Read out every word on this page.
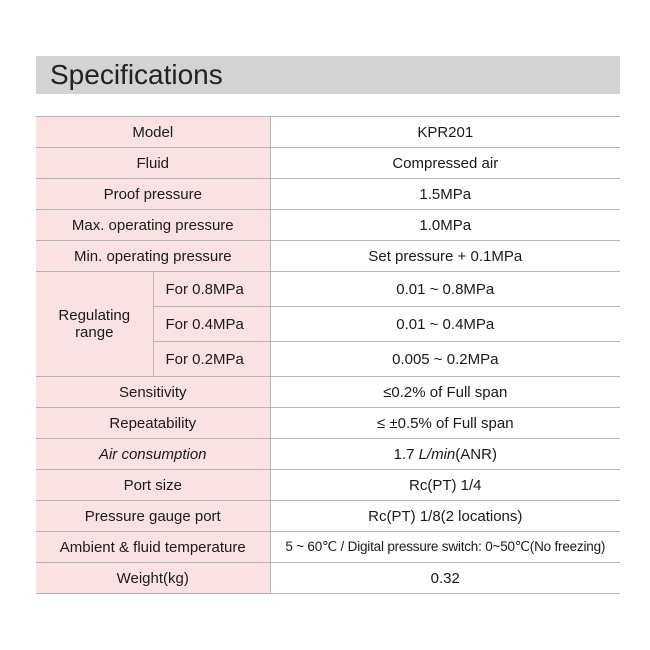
Specifications
Model		KPR201
Fluid		Compressed air
Proof pressure		1.5MPa
Max. operating pressure		1.0MPa
Min. operating pressure		Set pressure + 0.1MPa
Regulating
range	For 0.8MPa	0.01 ~ 0.8MPa
	For 0.4MPa	0.01 ~ 0.4MPa
	For 0.2MPa	0.005 ~ 0.2MPa
Sensitivity		≤0.2% of Full span
Repeatability		≤ ±0.5% of Full span
Air consumption		1.7 L/min(ANR)
Port size		Rc(PT) 1/4
Pressure gauge port		Rc(PT) 1/8(2 locations)
Ambient & fluid temperature		5 ~ 60℃ / Digital pressure switch: 0~50℃(No freezing)
Weight(kg)		0.32
